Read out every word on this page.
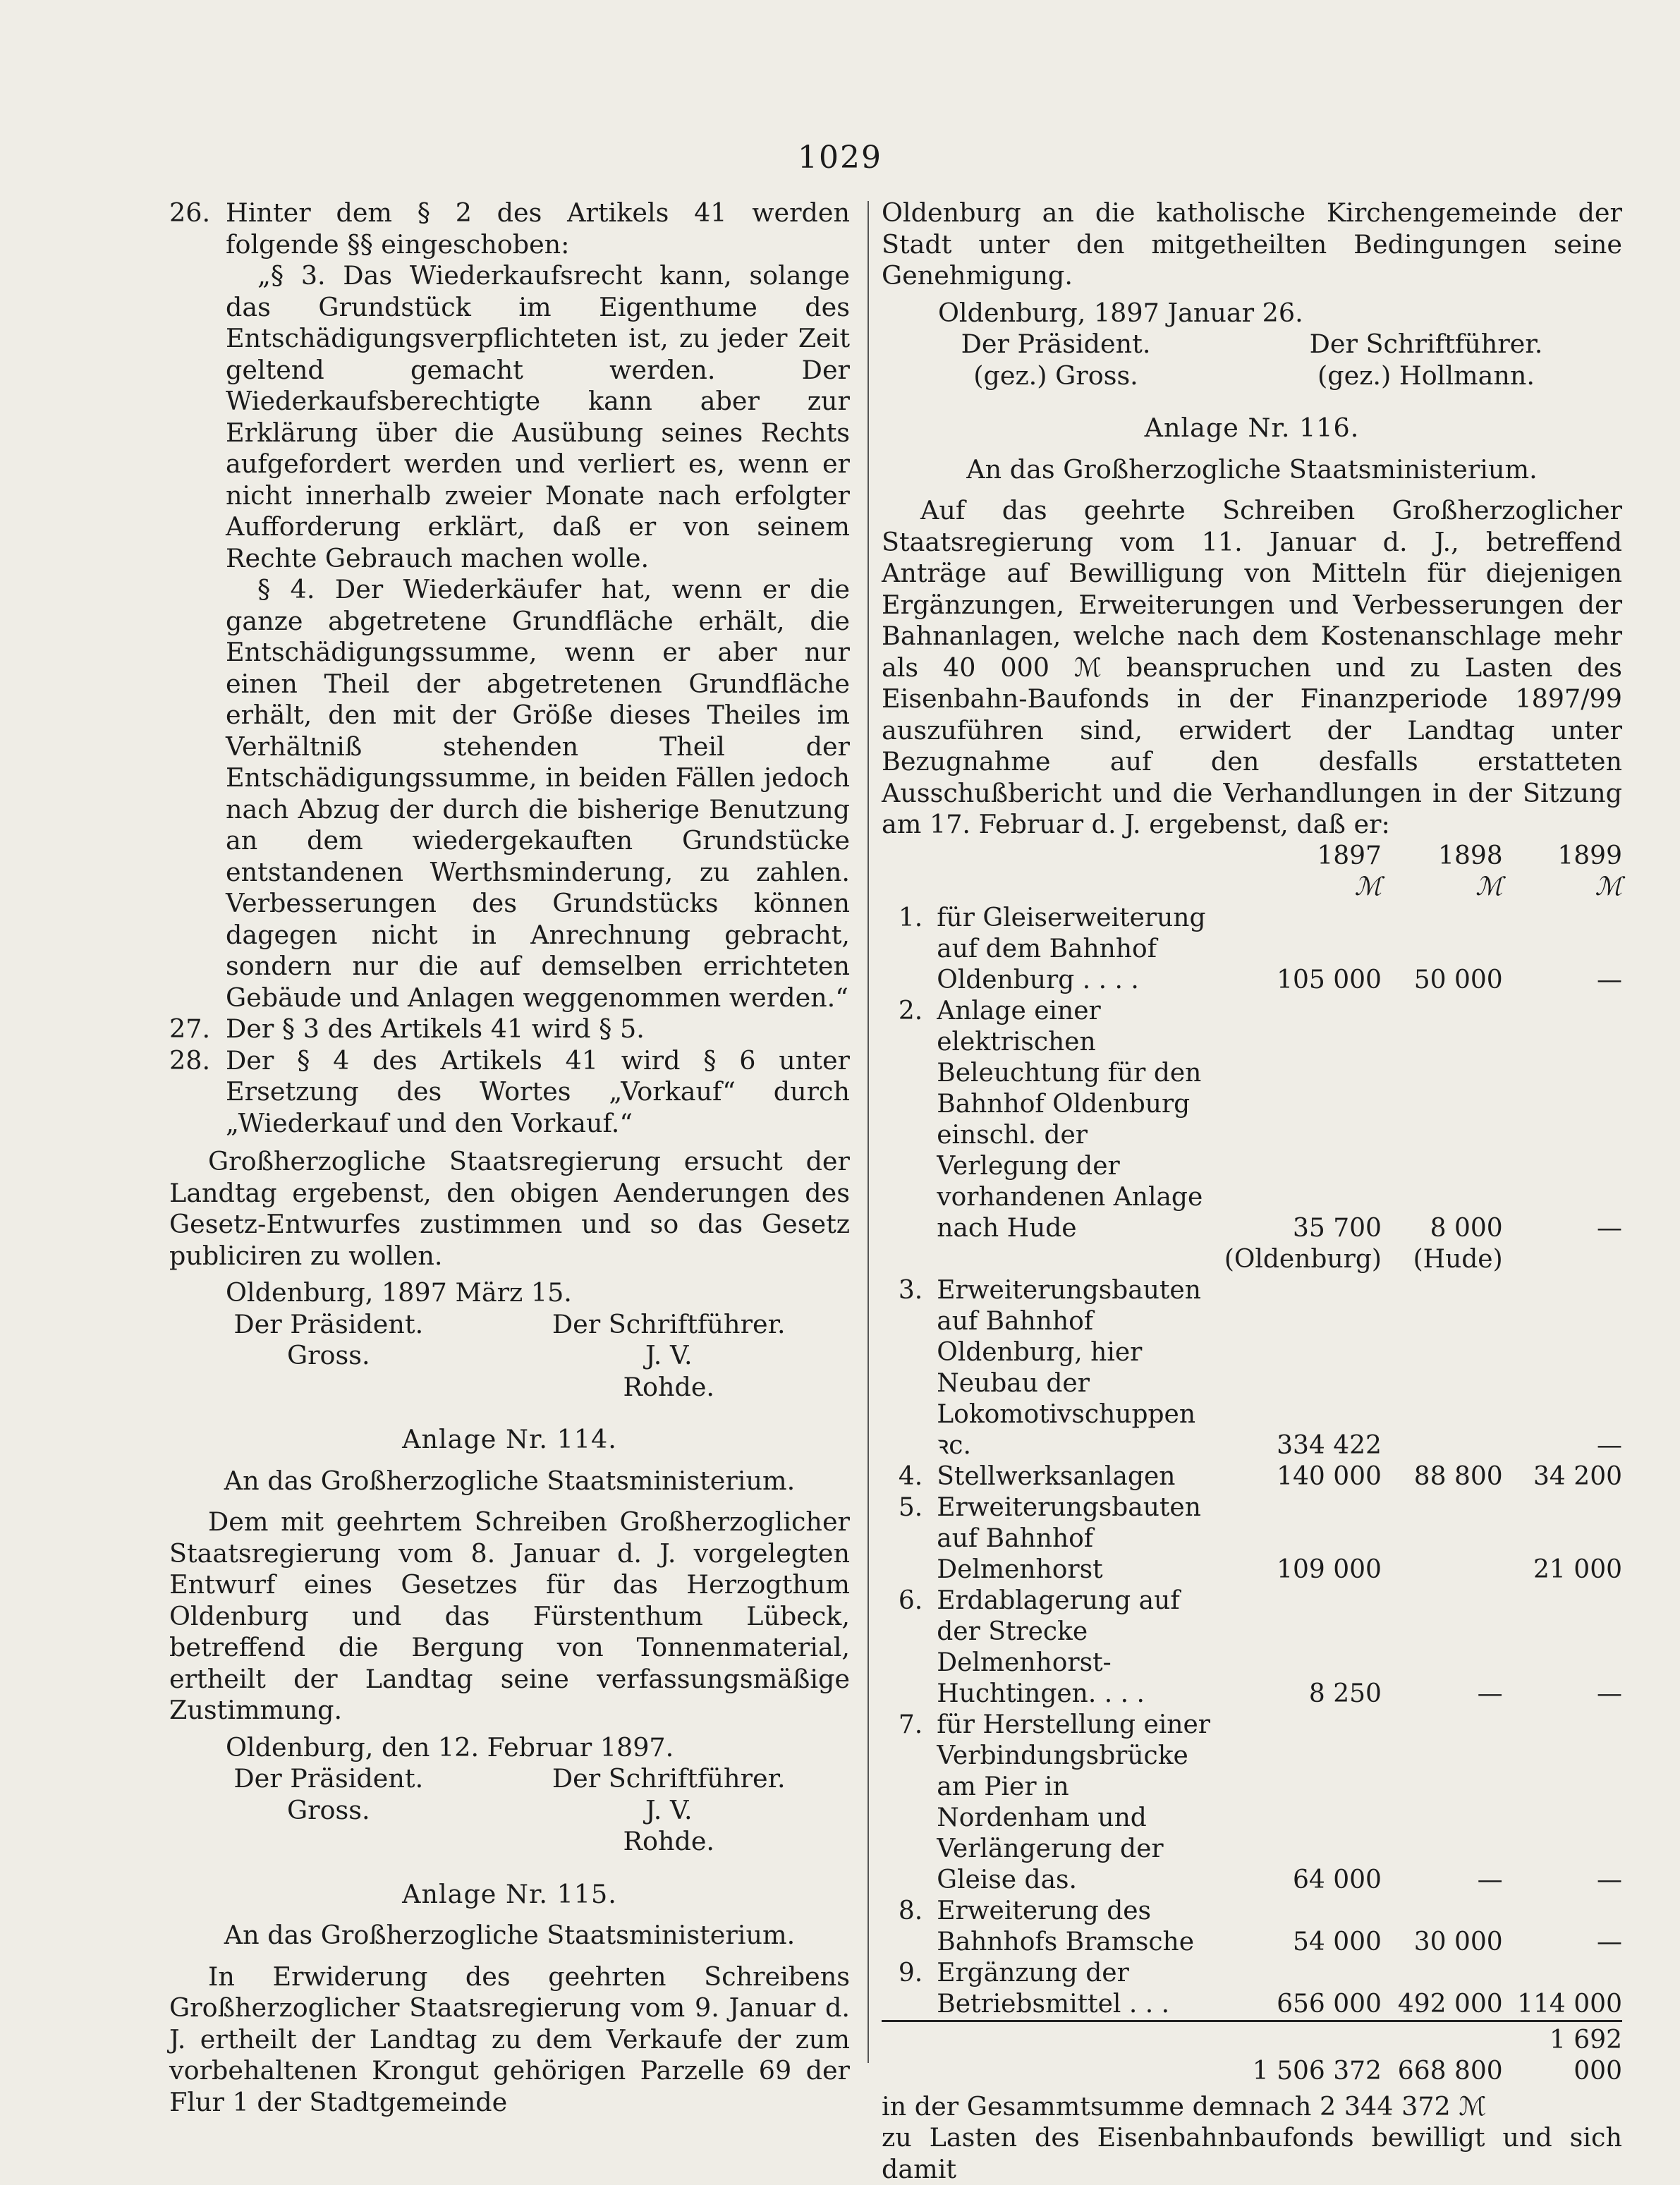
1029
26. Hinter dem § 2 des Artikels 41 werden folgende §§ eingeschoben:

„§ 3. Das Wiederkaufsrecht kann, solange das Grundstück im Eigenthume des Entschädigungsverpflichteten ist, zu jeder Zeit geltend gemacht werden. Der Wiederkaufsberechtigte kann aber zur Erklärung über die Ausübung seines Rechts aufgefordert werden und verliert es, wenn er nicht innerhalb zweier Monate nach erfolgter Aufforderung erklärt, daß er von seinem Rechte Gebrauch machen wolle.

§ 4. Der Wiederkäufer hat, wenn er die ganze abgetretene Grundfläche erhält, die Entschädigungssumme, wenn er aber nur einen Theil der abgetretenen Grundfläche erhält, den mit der Größe dieses Theiles im Verhältniß stehenden Theil der Entschädigungssumme, in beiden Fällen jedoch nach Abzug der durch die bisherige Benutzung an dem wiedergekauften Grundstücke entstandenen Werthsminderung, zu zahlen. Verbesserungen des Grundstücks können dagegen nicht in Anrechnung gebracht, sondern nur die auf demselben errichteten Gebäude und Anlagen weggenommen werden.“

27. Der § 3 des Artikels 41 wird § 5.
28. Der § 4 des Artikels 41 wird § 6 unter Ersetzung des Wortes „Vorkauf“ durch „Wiederkauf und den Vorkauf.“

Großherzogliche Staatsregierung ersucht der Landtag ergebenst, den obigen Aenderungen des Gesetz-Entwurfes zustimmen und so das Gesetz publiciren zu wollen.

Oldenburg, 1897 März 15.

Der Präsident.
Gross.
Der Schriftführer.
J. V.
Rohde.
Anlage Nr. 114.
An das Großherzogliche Staatsministerium.

Dem mit geehrtem Schreiben Großherzoglicher Staatsregierung vom 8. Januar d. J. vorgelegten Entwurf eines Gesetzes für das Herzogthum Oldenburg und das Fürstenthum Lübeck, betreffend die Bergung von Tonnenmaterial, ertheilt der Landtag seine verfassungsmäßige Zustimmung.

Oldenburg, den 12. Februar 1897.

Der Präsident.
Gross.
Der Schriftführer.
J. V.
Rohde.
Anlage Nr. 115.
An das Großherzogliche Staatsministerium.

In Erwiderung des geehrten Schreibens Großherzoglicher Staatsregierung vom 9. Januar d. J. ertheilt der Landtag zu dem Verkaufe der zum vorbehaltenen Krongut gehörigen Parzelle 69 der Flur 1 der Stadtgemeinde

Oldenburg an die katholische Kirchengemeinde der Stadt unter den mitgetheilten Bedingungen seine Genehmigung.

Oldenburg, 1897 Januar 26.

Der Präsident.
(gez.) Gross.
Der Schriftführer.
(gez.) Hollmann.
Anlage Nr. 116.
An das Großherzogliche Staatsministerium.

Auf das geehrte Schreiben Großherzoglicher Staatsregierung vom 11. Januar d. J., betreffend Anträge auf Bewilligung von Mitteln für diejenigen Ergänzungen, Erweiterungen und Verbesserungen der Bahnanlagen, welche nach dem Kostenanschlage mehr als 40 000 ℳ beanspruchen und zu Lasten des Eisenbahn-Baufonds in der Finanzperiode 1897/99 auszuführen sind, erwidert der Landtag unter Bezugnahme auf den desfalls erstatteten Ausschußbericht und die Verhandlungen in der Sitzung am 17. Februar d. J. ergebenst, daß er:

		1897	1898	1899
		ℳ	ℳ	ℳ
1.	für Gleiserweiterung auf dem Bahnhof Oldenburg . . . .	105 000	50 000	—
2.	Anlage einer elektrischen Beleuchtung für den Bahnhof Oldenburg einschl. der Verlegung der vorhandenen Anlage nach Hude	35 700	8 000	—
		(Oldenburg)	(Hude)	
3.	Erweiterungsbauten auf Bahnhof Oldenburg, hier Neubau der Lokomotivschuppen ꝛc.	334 422		—
4.	Stellwerksanlagen	140 000	88 800	34 200
5.	Erweiterungsbauten auf Bahnhof Delmenhorst	109 000		21 000
6.	Erdablagerung auf der Strecke Delmenhorst-Huchtingen. . . .	8 250	—	—
7.	für Herstellung einer Verbindungsbrücke am Pier in Nordenham und Verlängerung der Gleise das.	64 000	—	—
8.	Erweiterung des Bahnhofs Bramsche	54 000	30 000	—
9.	Ergänzung der Betriebsmittel . . .	656 000	492 000	114 000
		1 506 372	668 800	1 692 000

in der Gesammtsumme demnach 2 344 372 ℳ

zu Lasten des Eisenbahnbaufonds bewilligt und sich damit
